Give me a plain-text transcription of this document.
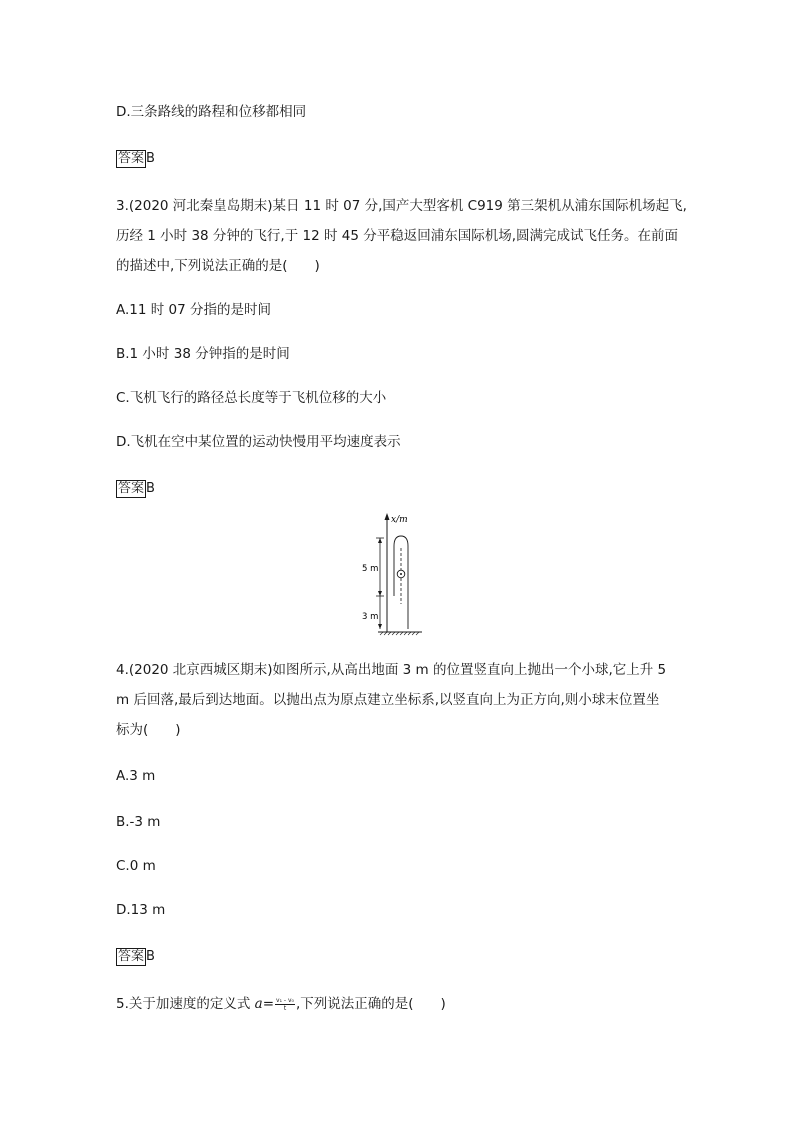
D.三条路线的路程和位移都相同
答案 B
3.(2020 河北秦皇岛期末)某日 11 时 07 分,国产大型客机 C919 第三架机从浦东国际机场起飞,
历经 1 小时 38 分钟的飞行,于 12 时 45 分平稳返回浦东国际机场,圆满完成试飞任务。在前面
的描述中,下列说法正确的是(　　)
A.11 时 07 分指的是时间
B.1 小时 38 分钟指的是时间
C.飞机飞行的路径总长度等于飞机位移的大小
D.飞机在空中某位置的运动快慢用平均速度表示
答案 B
x/m
5 m
3 m
4.(2020 北京西城区期末)如图所示,从高出地面 3 m 的位置竖直向上抛出一个小球,它上升 5
m 后回落,最后到达地面。以抛出点为原点建立坐标系,以竖直向上为正方向,则小球末位置坐
标为(　　)
A.3 m
B.-3 m
C.0 m
D.13 m
答案 B
5.关于加速度的定义式 $a= \frac{\text{v₁ - v₀}}{t}$ ,下列说法正确的是(　　)
